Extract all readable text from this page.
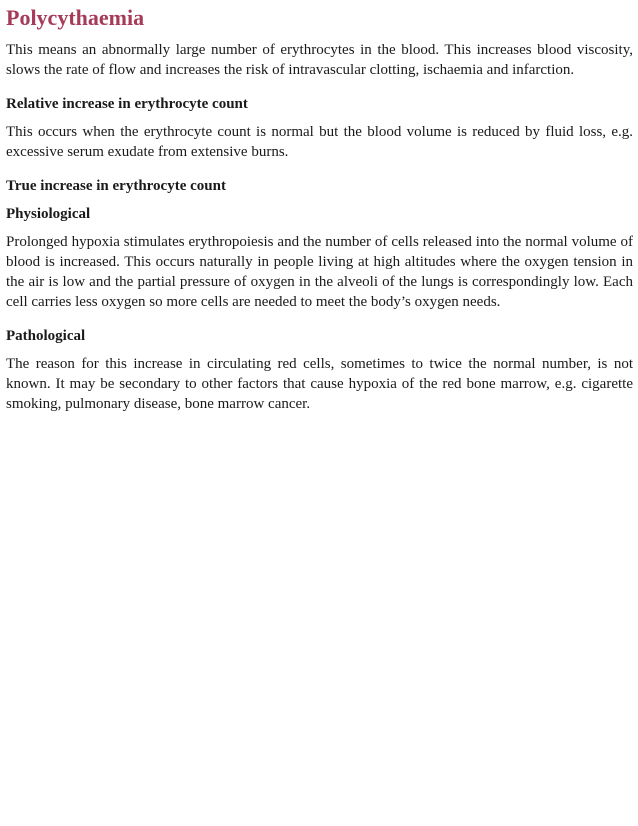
Polycythaemia

This means an abnormally large number of erythrocytes in the blood. This increases blood viscosity, slows the rate of flow and increases the risk of intravascular clotting, ischaemia and infarction.

Relative increase in erythrocyte count

This occurs when the erythrocyte count is normal but the blood volume is reduced by fluid loss, e.g. excessive serum exudate from extensive burns.

True increase in erythrocyte count
Physiological

Prolonged hypoxia stimulates erythropoiesis and the number of cells released into the normal volume of blood is increased. This occurs naturally in people living at high altitudes where the oxygen tension in the air is low and the partial pressure of oxygen in the alveoli of the lungs is correspondingly low. Each cell carries less oxygen so more cells are needed to meet the body’s oxygen needs.

Pathological

The reason for this increase in circulating red cells, sometimes to twice the normal number, is not known. It may be secondary to other factors that cause hypoxia of the red bone marrow, e.g. cigarette smoking, pulmonary disease, bone marrow cancer.
